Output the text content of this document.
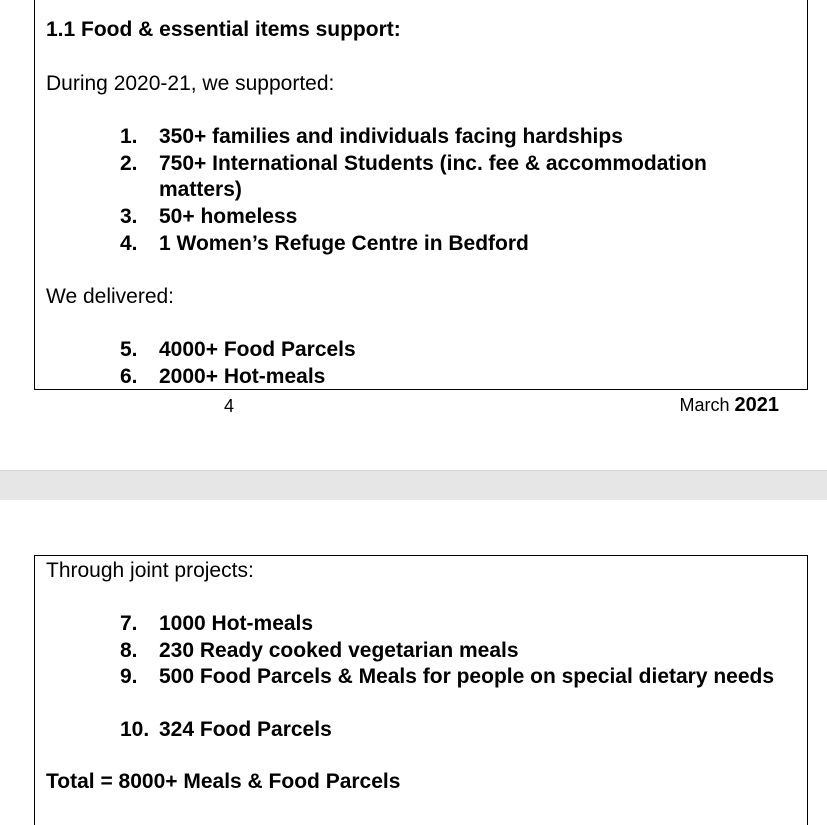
1.1 Food & essential items support:
During 2020-21, we supported:
1.	350+ families and individuals facing hardships
2.	750+ International Students (inc. fee & accommodation matters)
3.	50+ homeless
4.	1 Women’s Refuge Centre in Bedford
We delivered:
5.	4000+ Food Parcels
6.	2000+ Hot-meals
4	March 2021
Through joint projects:
7.	1000 Hot-meals
8.	230 Ready cooked vegetarian meals
9.	500 Food Parcels & Meals for people on special dietary needs
10. 324 Food Parcels
Total = 8000+ Meals & Food Parcels
